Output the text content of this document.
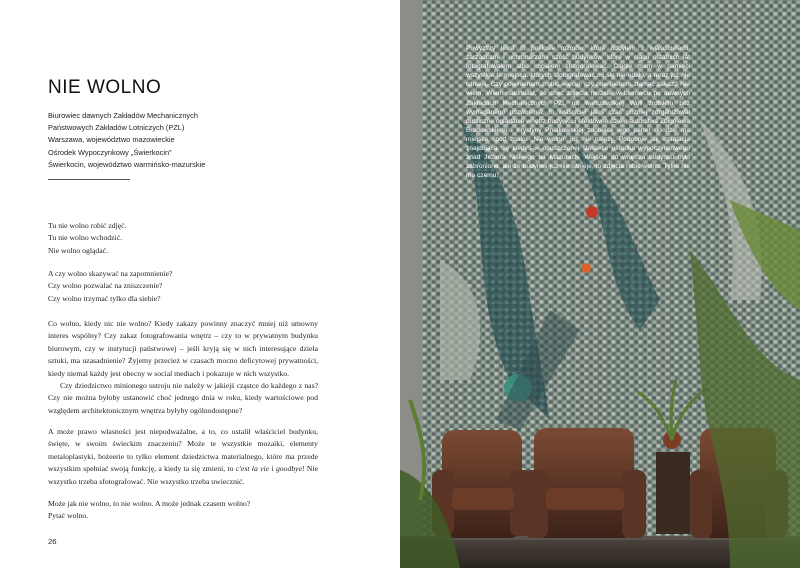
NIE WOLNO
Biurowiec dawnych Zakładów Mechanicznych
Państwowych Zakładów Lotniczych (PZL)
Warszawa, województwo mazowieckie
Ośrodek Wypoczynkowy „Świerkocin”
Świerkocin, województwo warmińsko-mazurskie
Tu nie wolno robić zdjęć.
Tu nie wolno wchodzić.
Nie wolno oglądać.
A czy wolno skazywać na zapomnienie?
Czy wolno pozwalać na zniszczenie?
Czy wolno trzymać tylko dla siebie?

Co wolno, kiedy nic nie wolno? Kiedy zakazy powinny znaczyć mniej niż umowny interes wspólny? Czy zakaz fotografowania wnętrz – czy to w prywatnym budynku biurowym, czy w instytucji państwowej – jeśli kryją się w nich interesujące dzieła sztuki, ma uzasadnienie? Żyjemy przecież w czasach mocno deficytowej prywatności, kiedy niemal każdy jest obecny w social mediach i pokazuje w nich wszystko.

Czy dziedzictwo minionego ustroju nie należy w jakiejś cząstce do każdego z nas? Czy nie można byłoby ustanowić choć jednego dnia w roku, kiedy wartościowe pod względem architektonicznym wnętrza byłyby ogólnodostępne?

A może prawo własności jest niepodważalne, a to, co ustalił właściciel budynku, święte, w swoim świeckim znaczeniu? Może te wszystkie mozaiki, elementy metaloplastyki, bożeerie to tylko element dziedzictwa materialnego, które ma przede wszystkim spełniać swoją funkcję, a kiedy ta się zmieni, to c'est la vie i goodbye! Nie wszystko trzeba sfotografować. Nie wszystko trzeba uwiecznić.

Może jak nie wolno, to nie wolno. A może jednak czasem wolno?
Pytać wolno.
26

Powyższy tekst to pokłosie rozmów, które odbyłem z właścicielami, zarządcami i uchronarzami sześć budynków, które w ciągu ostatnich lat fotografowałem albo chciałem sfotografować. Ciągle mam w pamięci wszystkie te miejsca, których sfotografować mi się nie udało, a teraz już nie istnieją. Czy powinienem zrobić więcej, czy powinienem złamać zakaz? Nie wiem. Wiem natomiast, że chęć zdjęcia mozaiki w biurowcu po dawnych Zakładach Mechanicznych PZL na warszawskiej Woli zrobiłem bez wymaganego pozwolenia, to właściciel jakiś czas później zorganizował publiczne oglądanie wnętrz budynku i efektowne dzieło autorstwa Zbigniewa Brodowskiego i Krystyny Pniakowskiej zdobiące jego parter do dziś ma miejsce spod znaku „Nie wolno” już nie należy. Podobnie jak instalacja znajdująca się kiedyś w opuszczonej stołówce ośrodka wypoczynkowego znad Jeziora Niskiego na Mazurach. Wejście do wnętrza budynku było zabronione, ale że budynek już nie istnieje, to zdjęcia robić wolno. Tylko nie ma czemu.
